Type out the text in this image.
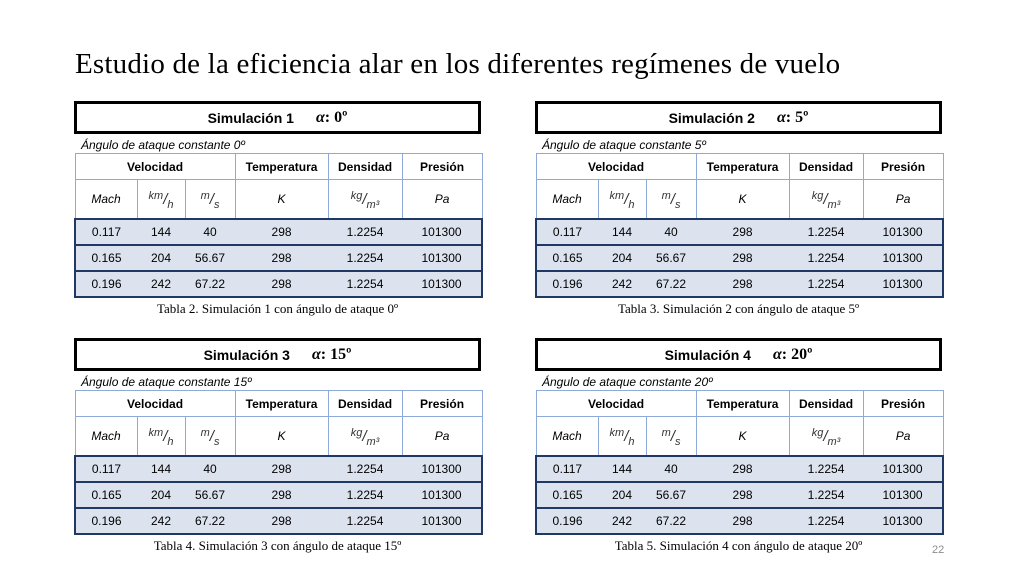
Estudio de la eficiencia alar en los diferentes regímenes de vuelo
Simulación 1 α : 0º
Ángulo de ataque constante 0º
Velocidad			Temperatura	Densidad	Presión
Mach	$^{km}/_h$	$^m/_s$	K	$^{kg}/_{m^3}$	Pa
0.117	144	40	298	1.2254	101300
0.165	204	56.67	298	1.2254	101300
0.196	242	67.22	298	1.2254	101300
Tabla 2. Simulación 1 con ángulo de ataque 0º
Simulación 2 α : 5º
Ángulo de ataque constante 5º
Velocidad			Temperatura	Densidad	Presión
Mach	$^{km}/_h$	$^m/_s$	K	$^{kg}/_{m^3}$	Pa
0.117	144	40	298	1.2254	101300
0.165	204	56.67	298	1.2254	101300
0.196	242	67.22	298	1.2254	101300
Tabla 3. Simulación 2 con ángulo de ataque 5º
Simulación 3 α : 15º
Ángulo de ataque constante 15º
Velocidad			Temperatura	Densidad	Presión
Mach	$^{km}/_h$	$^m/_s$	K	$^{kg}/_{m^3}$	Pa
0.117	144	40	298	1.2254	101300
0.165	204	56.67	298	1.2254	101300
0.196	242	67.22	298	1.2254	101300
Tabla 4. Simulación 3 con ángulo de ataque 15º
Simulación 4 α : 20º
Ángulo de ataque constante 20º
Velocidad			Temperatura	Densidad	Presión
Mach	$^{km}/_h$	$^m/_s$	K	$^{kg}/_{m^3}$	Pa
0.117	144	40	298	1.2254	101300
0.165	204	56.67	298	1.2254	101300
0.196	242	67.22	298	1.2254	101300
Tabla 5. Simulación 4 con ángulo de ataque 20º	22
